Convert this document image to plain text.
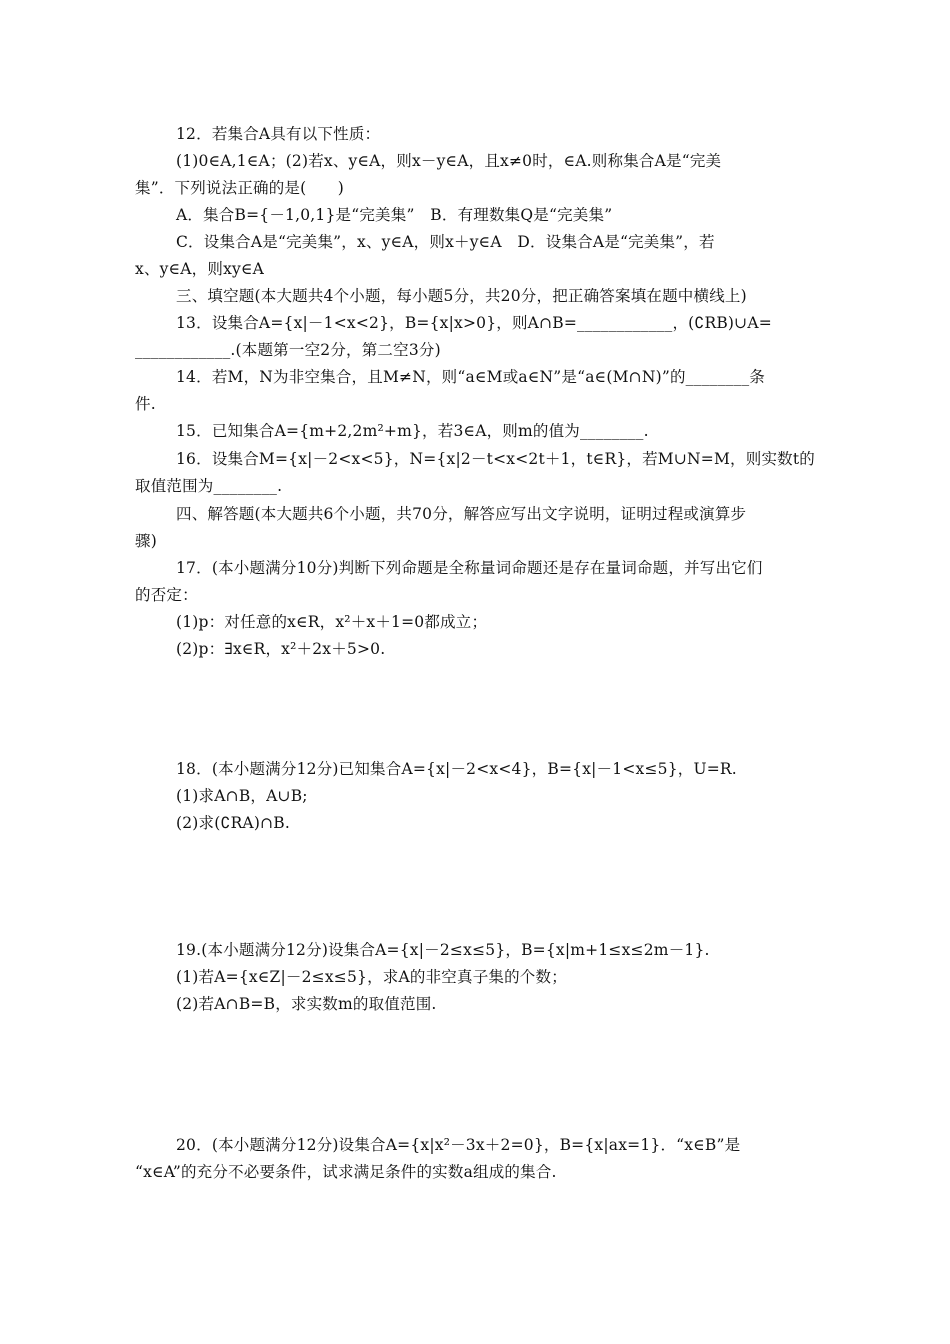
12．若集合A具有以下性质：
(1)0∈A,1∈A；(2)若x、y∈A，则x－y∈A，且x≠0时，∈A.则称集合A是“完美
集”．下列说法正确的是(　　)
A．集合B={－1,0,1}是“完美集”　B．有理数集Q是“完美集”
C．设集合A是“完美集”，x、y∈A，则x＋y∈A　D．设集合A是“完美集”，若
x、y∈A，则xy∈A
三、填空题(本大题共4个小题，每小题5分，共20分，把正确答案填在题中横线上)
13．设集合A={x|－1<x<2}，B={x|x>0}，则A∩B=____________，(∁RB)∪A=
____________.(本题第一空2分，第二空3分)
14．若M，N为非空集合，且M≠N，则“a∈M或a∈N”是“a∈(M∩N)”的________条
件.
15．已知集合A={m+2,2m²+m}，若3∈A，则m的值为________.
16．设集合M={x|－2<x<5}，N={x|2－t<x<2t＋1，t∈R}，若M∪N=M，则实数t的
取值范围为________.
四、解答题(本大题共6个小题，共70分，解答应写出文字说明，证明过程或演算步
骤)
17．(本小题满分10分)判断下列命题是全称量词命题还是存在量词命题，并写出它们
的否定：
(1)p：对任意的x∈R，x²＋x＋1=0都成立；
(2)p：∃x∈R，x²＋2x＋5>0.
18．(本小题满分12分)已知集合A={x|－2<x<4}，B={x|－1<x≤5}，U=R.
(1)求A∩B，A∪B;
(2)求(∁RA)∩B.
19.(本小题满分12分)设集合A={x|－2≤x≤5}，B={x|m+1≤x≤2m－1}.
(1)若A={x∈Z|－2≤x≤5}，求A的非空真子集的个数；
(2)若A∩B=B，求实数m的取值范围.
20．(本小题满分12分)设集合A={x|x²－3x＋2=0}，B={x|ax=1}．“x∈B”是
“x∈A”的充分不必要条件，试求满足条件的实数a组成的集合.
